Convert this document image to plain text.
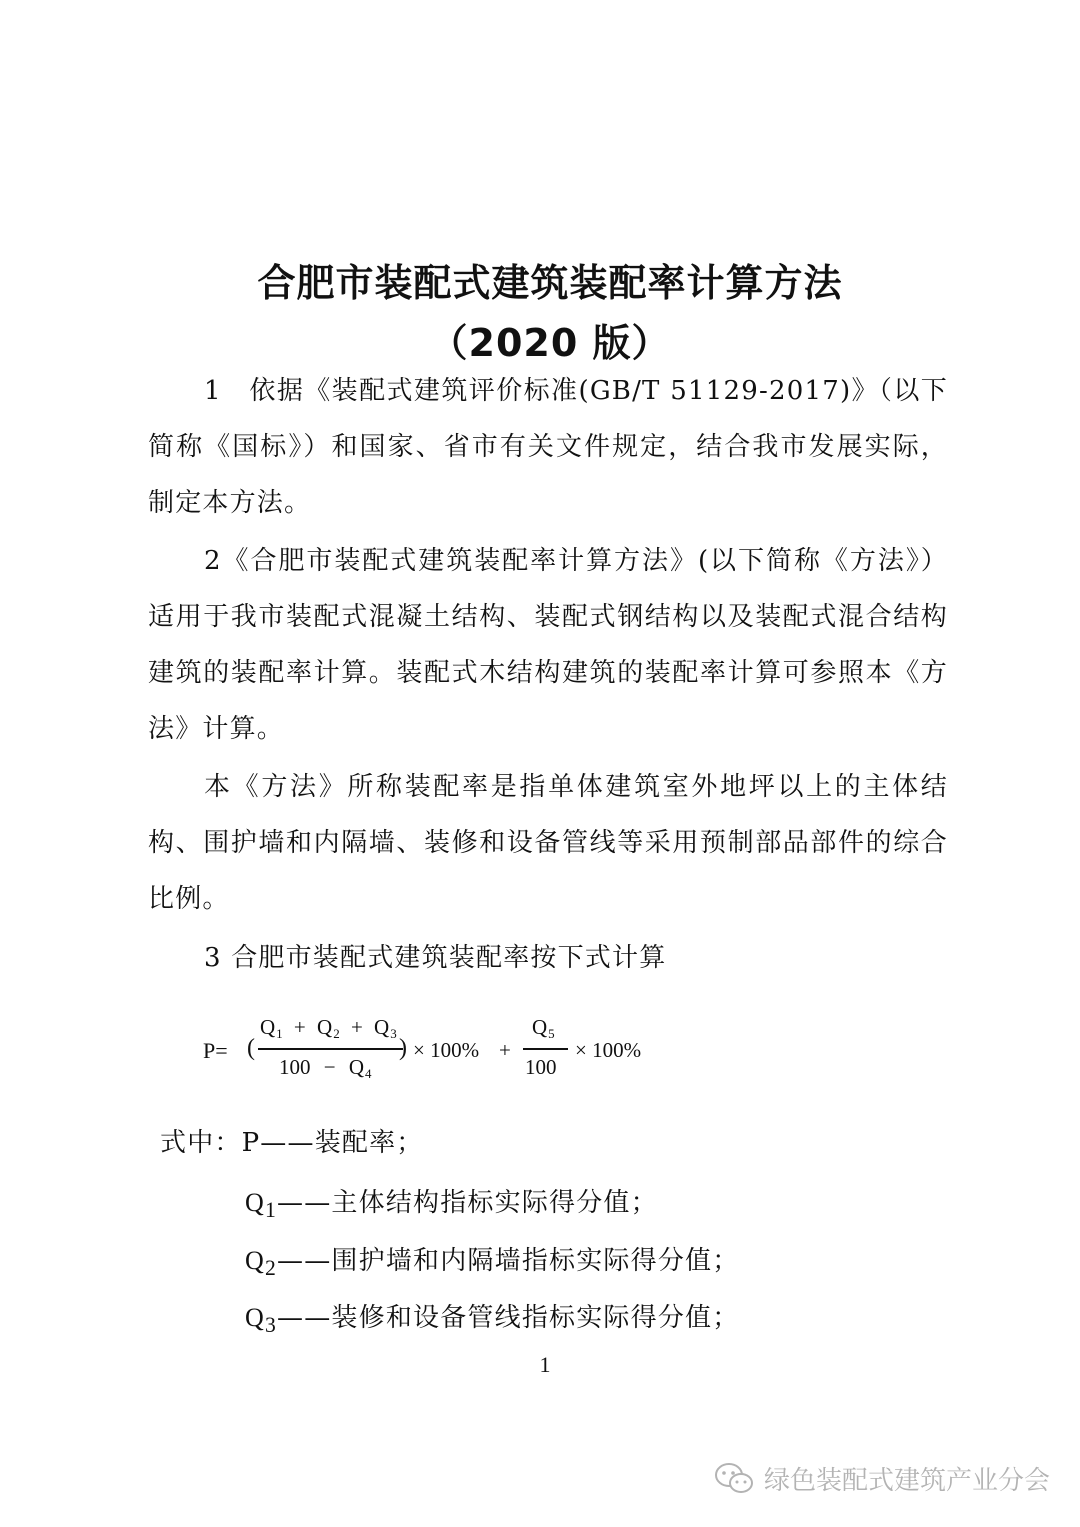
合肥市装配式建筑装配率计算方法
（2020 版）

1　依据《装配式建筑评价标准(GB/T 51129-2017)》（以下简称《国标》）和国家、省市有关文件规定，结合我市发展实际，制定本方法。

2《合肥市装配式建筑装配率计算方法》(以下简称《方法》）适用于我市装配式混凝土结构、装配式钢结构以及装配式混合结构建筑的装配率计算。装配式木结构建筑的装配率计算可参照本《方法》计算。

本《方法》所称装配率是指单体建筑室外地坪以上的主体结构、围护墙和内隔墙、装修和设备管线等采用预制部品部件的综合比例。

3 合肥市装配式建筑装配率按下式计算

P= (
$Q_1 + Q_2 + Q_3$
$100 - Q_4$
) × 100% +
$Q_5$
100
× 100%
式中：P——装配率；
$Q_1——$主体结构指标实际得分值；
$Q_2——$围护墙和内隔墙指标实际得分值；
$Q_3——$装修和设备管线指标实际得分值；
1
绿色装配式建筑产业分会
